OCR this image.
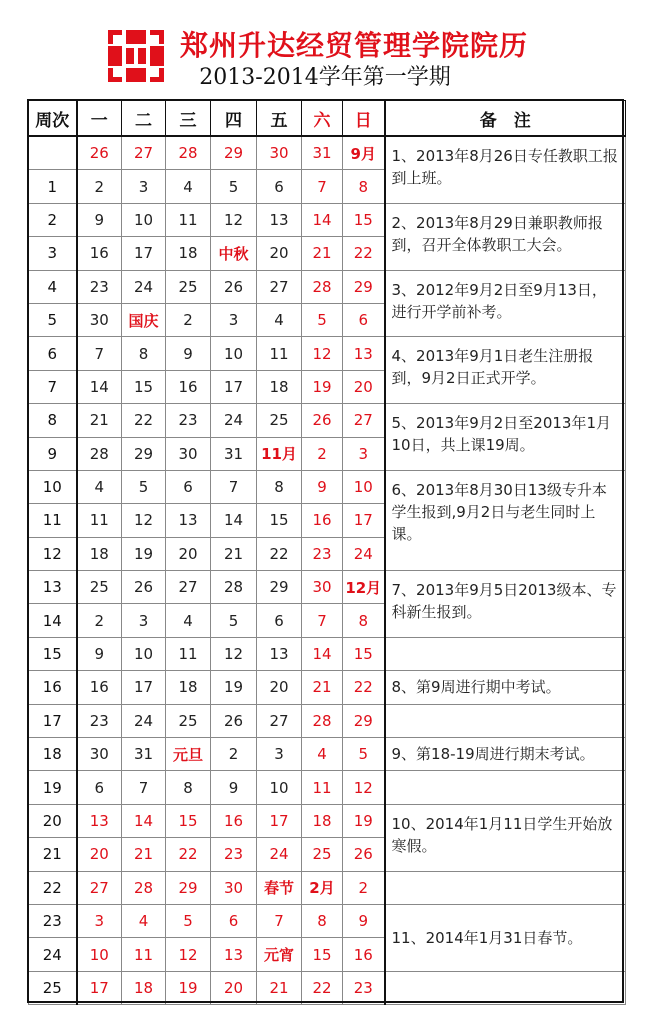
郑州升达经贸管理学院院历
2013-2014学年第一学期
周次	一	二	三	四	五	六	日	备　注
	26	27	28	29	30	31	9月	1、2013年8月26日专任教职工报到上班。
1	2	3	4	5	6	7	8	
2	9	10	11	12	13	14	15	2、2013年8月29日兼职教师报到，召开全体教职工大会。
3	16	17	18	中秋	20	21	22	
4	23	24	25	26	27	28	29	3、2012年9月2日至9月13日，进行开学前补考。
5	30	国庆	2	3	4	5	6	
6	7	8	9	10	11	12	13	4、2013年9月1日老生注册报到，9月2日正式开学。
7	14	15	16	17	18	19	20	
8	21	22	23	24	25	26	27	5、2013年9月2日至2013年1月10日，共上课19周。
9	28	29	30	31	11月	2	3	
10	4	5	6	7	8	9	10	6、2013年8月30日13级专升本学生报到,9月2日与老生同时上课。
11	11	12	13	14	15	16	17	
12	18	19	20	21	22	23	24	
13	25	26	27	28	29	30	12月	7、2013年9月5日2013级本、专科新生报到。
14	2	3	4	5	6	7	8	
15	9	10	11	12	13	14	15	
16	16	17	18	19	20	21	22	8、第9周进行期中考试。
17	23	24	25	26	27	28	29	
18	30	31	元旦	2	3	4	5	9、第18-19周进行期末考试。
19	6	7	8	9	10	11	12	
20	13	14	15	16	17	18	19	10、2014年1月11日学生开始放寒假。
21	20	21	22	23	24	25	26	
22	27	28	29	30	春节	2月	2	
23	3	4	5	6	7	8	9	11、2014年1月31日春节。
24	10	11	12	13	元宵	15	16	
25	17	18	19	20	21	22	23	
